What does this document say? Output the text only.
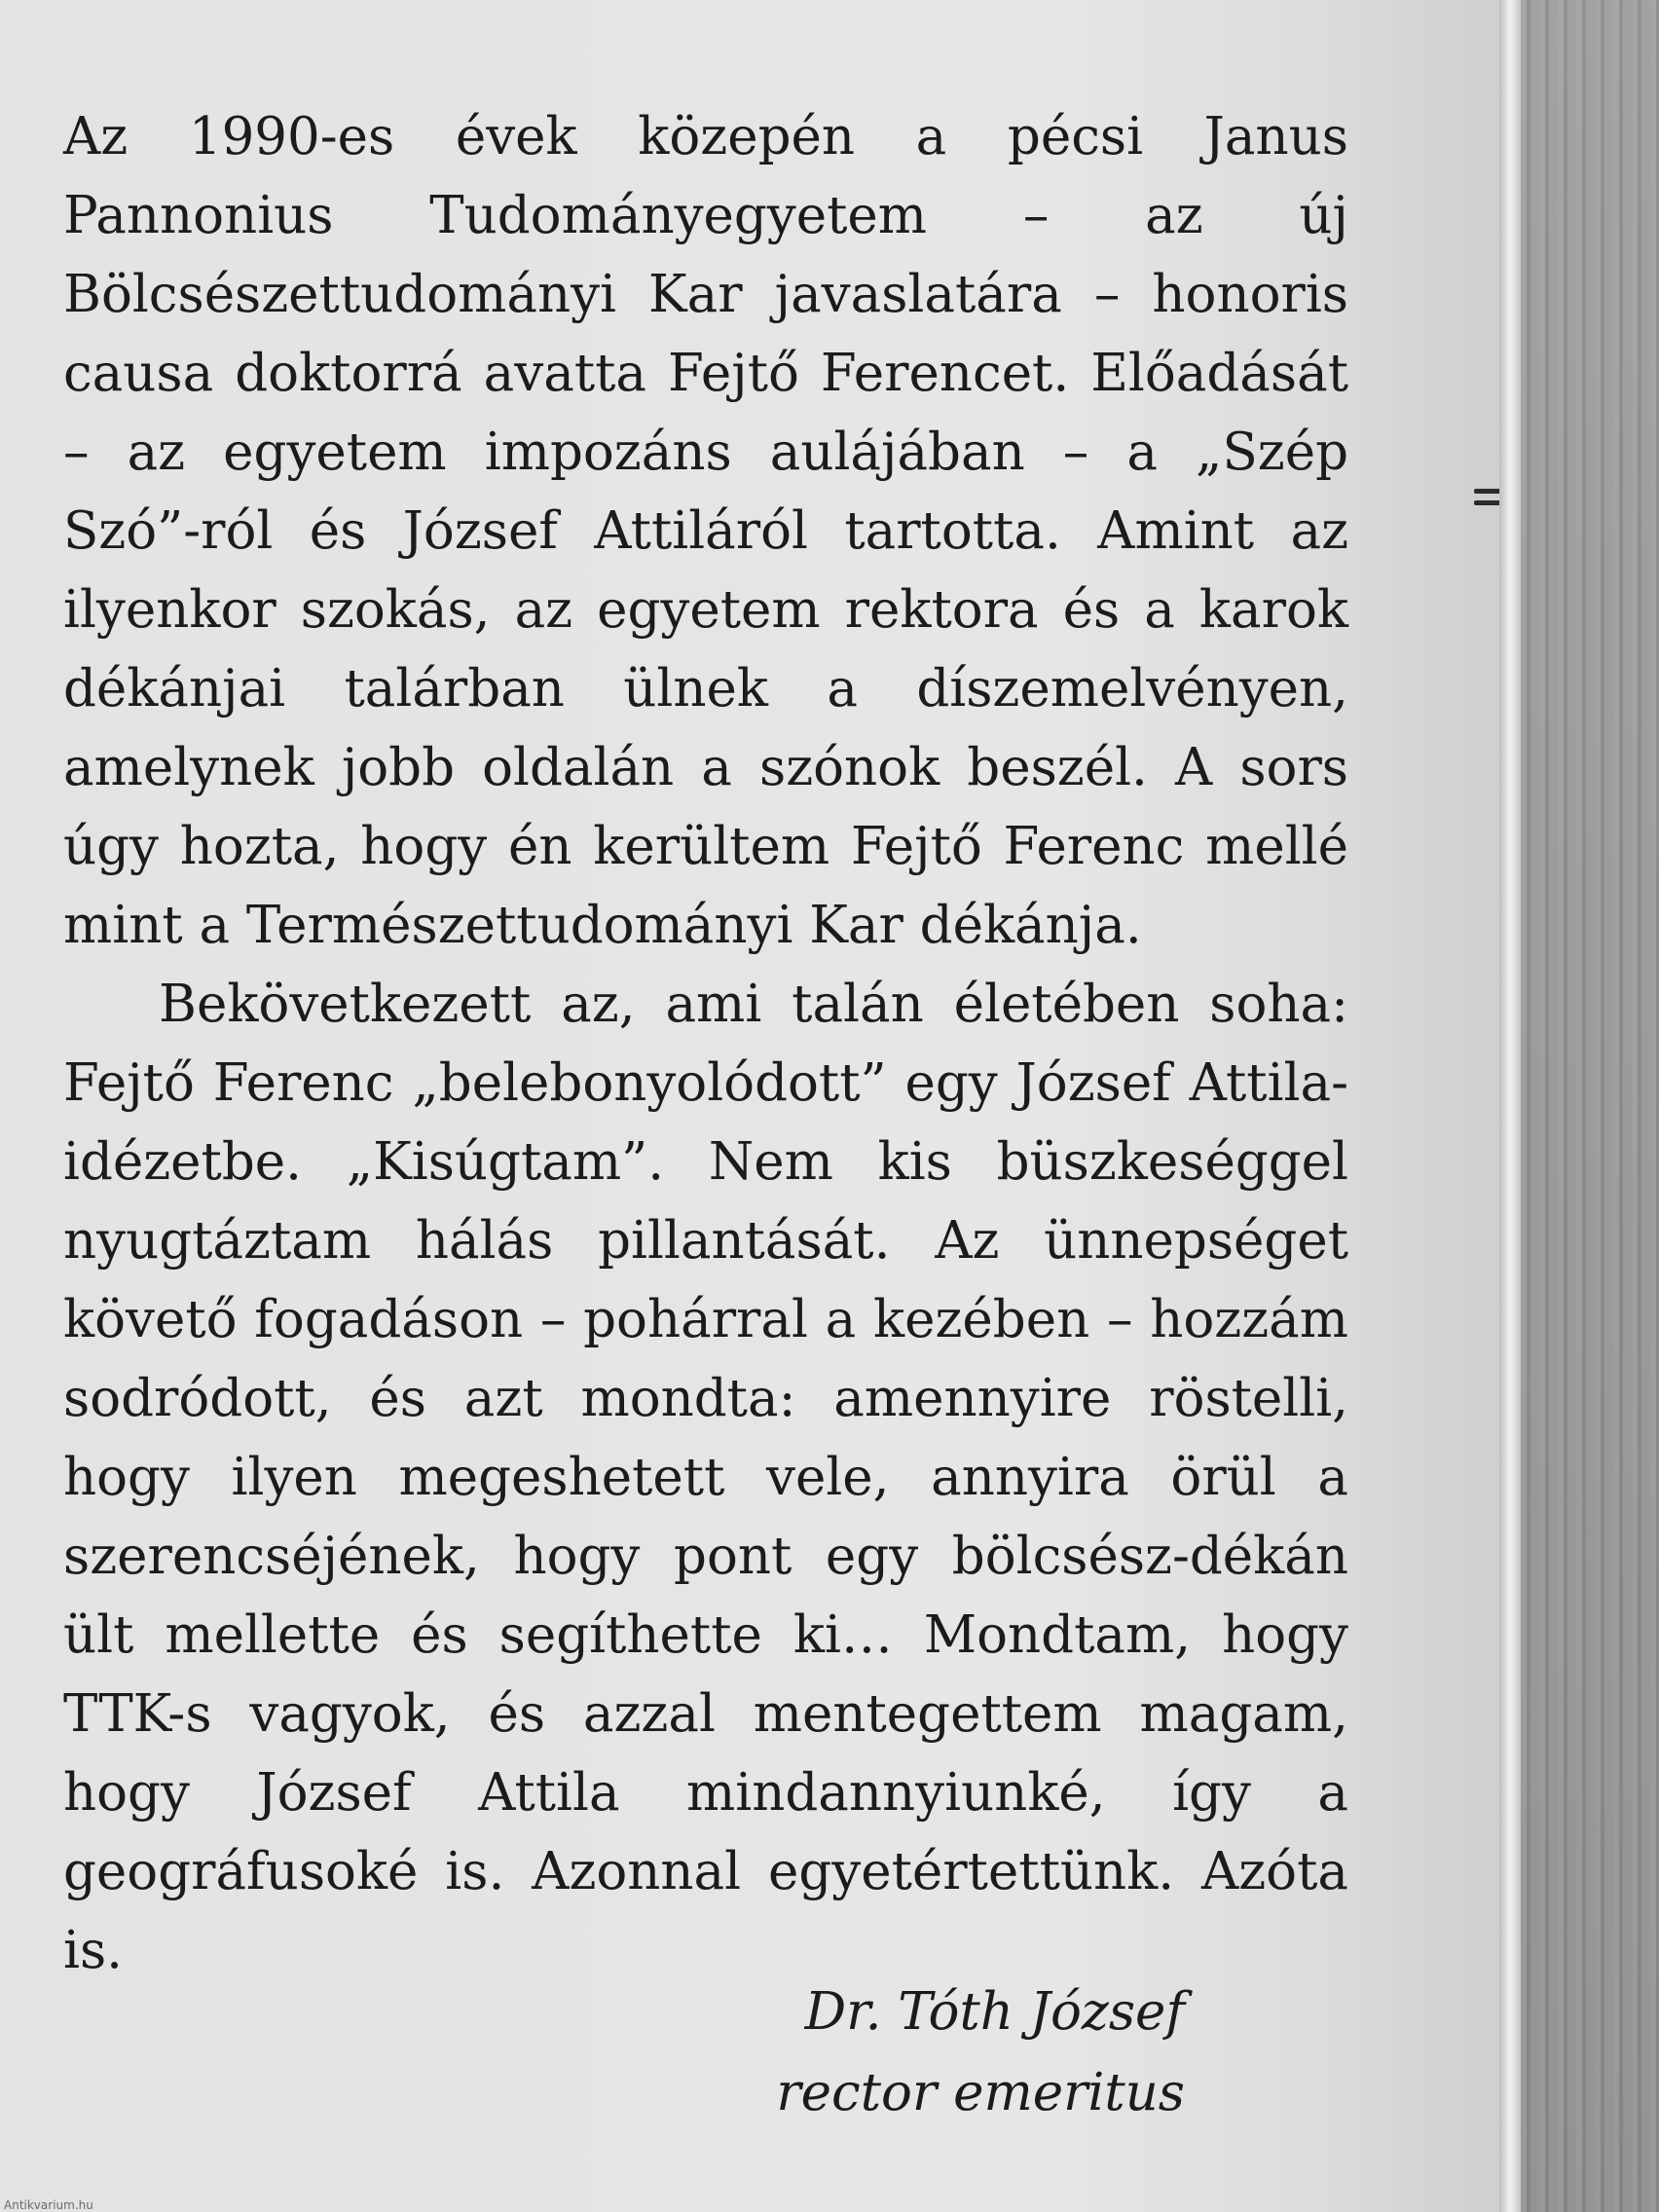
Az 1990-es évek közepén a pécsi Janus Pannonius Tudományegyetem – az új Bölcsészettudományi Kar javaslatára – honoris causa doktorrá avatta Fejtő Ferencet. Előadását – az egyetem impozáns aulájában – a „Szép Szó”-ról és József Attiláról tartotta. Amint az ilyenkor szokás, az egyetem rektora és a karok dékánjai talárban ülnek a díszemelvényen, amelynek jobb oldalán a szónok beszél. A sors úgy hozta, hogy én kerültem Fejtő Ferenc mellé mint a Természettudományi Kar dékánja.

Bekövetkezett az, ami talán életében soha: Fejtő Ferenc „belebonyolódott” egy József Attila-idézetbe. „Kisúgtam”. Nem kis büszkeséggel nyugtáztam hálás pillantását. Az ünnepséget követő fogadáson – pohárral a kezében – hozzám sodródott, és azt mondta: amennyire röstelli, hogy ilyen megeshetett vele, annyira örül a szerencséjének, hogy pont egy bölcsész-dékán ült mellette és segíthette ki… Mondtam, hogy TTK-s vagyok, és azzal mentegettem magam, hogy József Attila mindannyiunké, így a geográfusoké is. Azonnal egyetértettünk. Azóta is.

Dr. Tóth József
rector emeritus
Antikvarium.hu
